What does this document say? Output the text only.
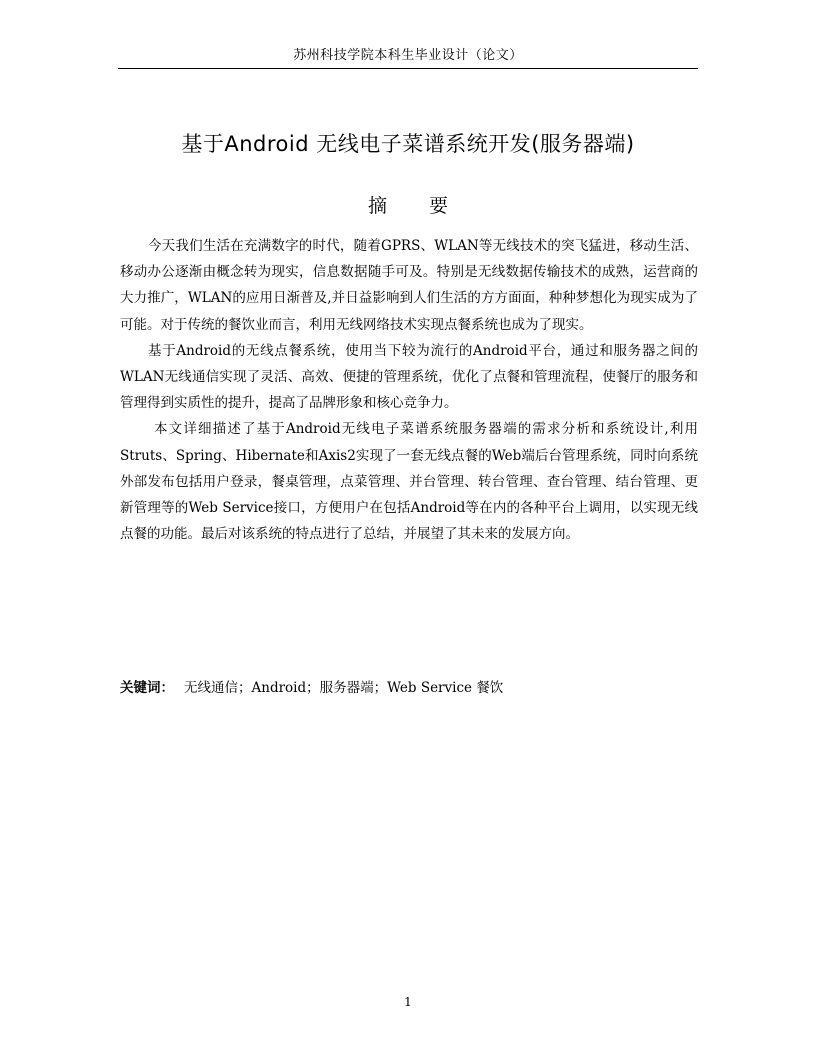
苏州科技学院本科生毕业设计（论文）
基于Android 无线电子菜谱系统开发(服务器端)
摘 要

今天我们生活在充满数字的时代，随着GPRS、WLAN等无线技术的突飞猛进，移动生活、移动办公逐渐由概念转为现实，信息数据随手可及。特别是无线数据传输技术的成熟，运营商的大力推广，WLAN的应用日渐普及,并日益影响到人们生活的方方面面，种种梦想化为现实成为了可能。对于传统的餐饮业而言，利用无线网络技术实现点餐系统也成为了现实。

基于Android的无线点餐系统，使用当下较为流行的Android平台，通过和服务器之间的WLAN无线通信实现了灵活、高效、便捷的管理系统，优化了点餐和管理流程，使餐厅的服务和管理得到实质性的提升，提高了品牌形象和核心竞争力。

本文详细描述了基于Android无线电子菜谱系统服务器端的需求分析和系统设计,利用 Struts、Spring、Hibernate和Axis2实现了一套无线点餐的Web端后台管理系统，同时向系统外部发布包括用户登录，餐桌管理，点菜管理、并台管理、转台管理、查台管理、结台管理、更新管理等的Web Service接口，方便用户在包括Android等在内的各种平台上调用，以实现无线点餐的功能。最后对该系统的特点进行了总结，并展望了其未来的发展方向。

关键词： 无线通信；Android；服务器端；Web Service 餐饮
1
